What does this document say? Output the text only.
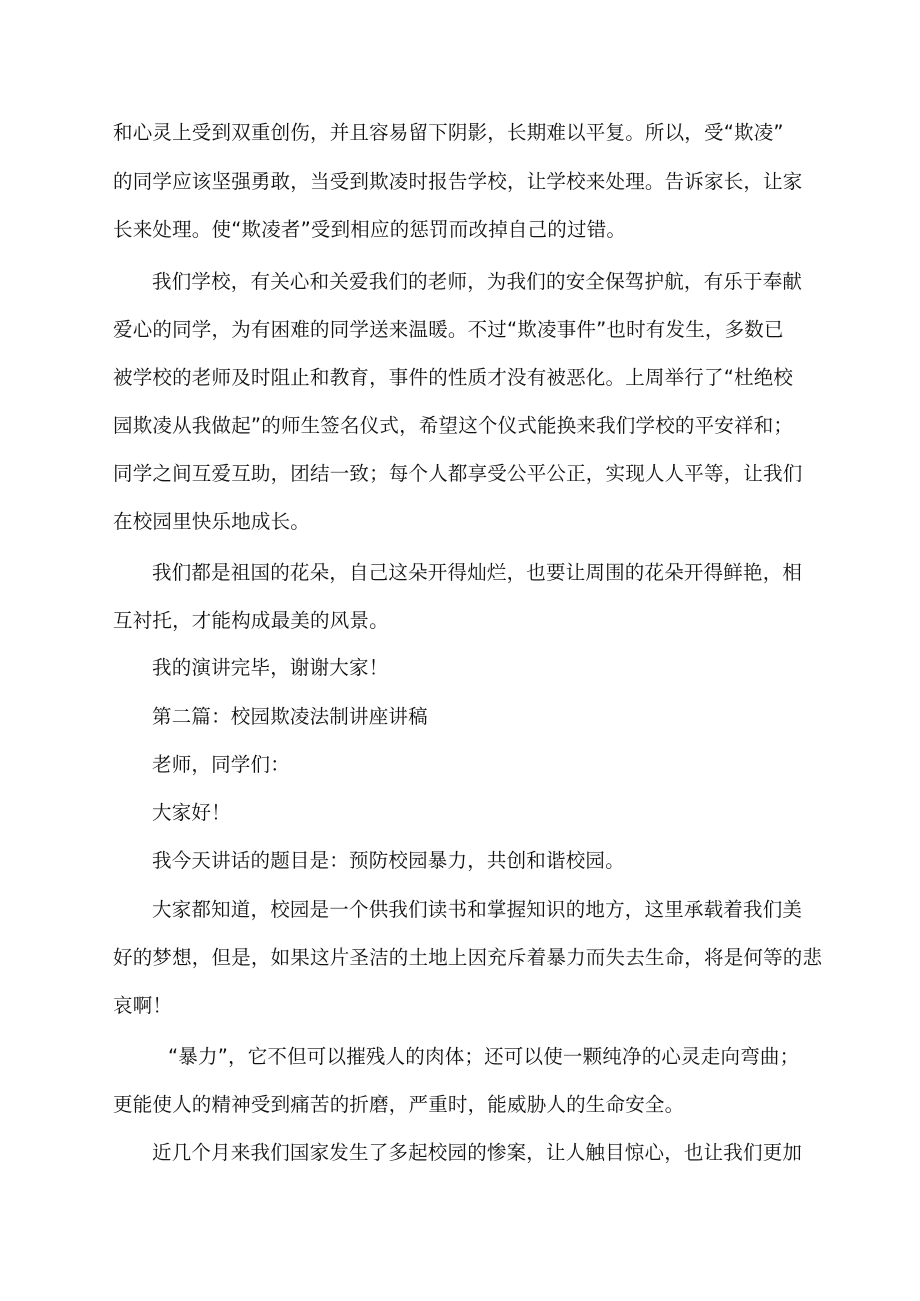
和心灵上受到双重创伤，并且容易留下阴影，长期难以平复。所以，受“欺凌”
的同学应该坚强勇敢，当受到欺凌时报告学校，让学校来处理。告诉家长，让家
长来处理。使“欺凌者”受到相应的惩罚而改掉自己的过错。
我们学校，有关心和关爱我们的老师，为我们的安全保驾护航，有乐于奉献
爱心的同学，为有困难的同学送来温暖。不过“欺凌事件”也时有发生，多数已
被学校的老师及时阻止和教育，事件的性质才没有被恶化。上周举行了“杜绝校
园欺凌从我做起”的师生签名仪式，希望这个仪式能换来我们学校的平安祥和；
同学之间互爱互助，团结一致；每个人都享受公平公正，实现人人平等，让我们
在校园里快乐地成长。
我们都是祖国的花朵，自己这朵开得灿烂，也要让周围的花朵开得鲜艳，相
互衬托，才能构成最美的风景。
我的演讲完毕，谢谢大家！
第二篇：校园欺凌法制讲座讲稿
老师，同学们：
大家好！
我今天讲话的题目是：预防校园暴力，共创和谐校园。
大家都知道，校园是一个供我们读书和掌握知识的地方，这里承载着我们美
好的梦想，但是，如果这片圣洁的土地上因充斥着暴力而失去生命，将是何等的悲
哀啊！
“暴力”，它不但可以摧残人的肉体；还可以使一颗纯净的心灵走向弯曲；
更能使人的精神受到痛苦的折磨，严重时，能威胁人的生命安全。
近几个月来我们国家发生了多起校园的惨案，让人触目惊心，也让我们更加
